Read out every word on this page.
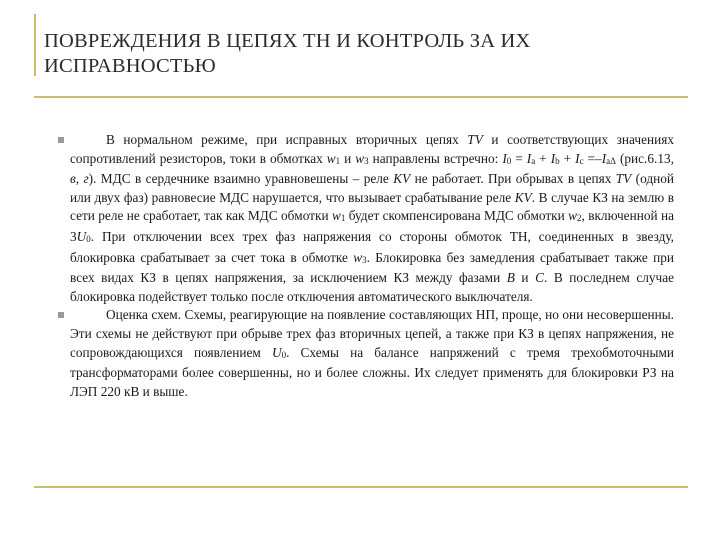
ПОВРЕЖДЕНИЯ В ЦЕПЯХ ТН И КОНТРОЛЬ ЗА ИХ ИСПРАВНОСТЬЮ

В нормальном режиме, при исправных вторичных цепях TV и соответствующих значениях сопротивлений резисторов, токи в обмотках w1 и w3 направлены встречно: I0 = Ia + Ib + Ic =–IaΔ (рис.6.13, в, г). МДС в сердечнике взаимно уравновешены – реле KV не работает. При обрывах в цепях TV (одной или двух фаз) равновесие МДС нарушается, что вызывает срабатывание реле KV. В случае КЗ на землю в сети реле не сработает, так как МДС обмотки w1 будет скомпенсирована МДС обмотки w2, включенной на 3U0. При отключении всех трех фаз напряжения со стороны обмоток ТН, соединенных в звезду, блокировка срабатывает за счет тока в обмотке w3. Блокировка без замедления срабатывает также при всех видах КЗ в цепях напряжения, за исключением КЗ между фазами B и C. В последнем случае блокировка подействует только после отключения автоматического выключателя.

Оценка схем. Схемы, реагирующие на появление составляющих НП, проще, но они несовершенны. Эти схемы не действуют при обрыве трех фаз вторичных цепей, а также при КЗ в цепях напряжения, не сопровождающихся появлением U0. Схемы на балансе напряжений с тремя трехобмоточными трансформаторами более совершенны, но и более сложны. Их следует применять для блокировки РЗ на ЛЭП 220 кВ и выше.
